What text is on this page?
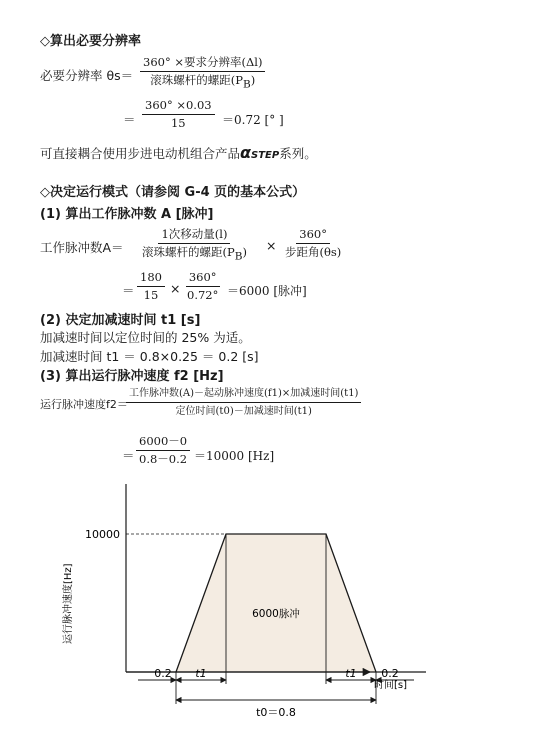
◇算出必要分辨率
必要分辨率 θs＝
360° ×要求分辨率(Δl)
滚珠螺杆的螺距$(P_B)$
＝ $\frac{360^\circ \times 0.03}{15} =0.72$ [° ]
可直接耦合使用步进电动机组合产品αSTEP系列。
◇决定运行模式（请参阅 G-4 页的基本公式）
(1) 算出工作脉冲数 A [脉冲]
工作脉冲数A＝
1次移动量(l)
滚珠螺杆的螺距$(P_B)$ ×
360°
步距角(θs)
＝ $\frac{180}{15} \times \frac{360^\circ}{0.72^\circ} =6000$ [脉冲]
(2) 决定加减速时间 t1 [s]
加减速时间以定位时间的 25% 为适。
加减速时间 t1 ＝ 0.8×0.25 ＝ 0.2 [s]
(3) 算出运行脉冲速度 f2 [Hz]
运行脉冲速度f2＝
工作脉冲数(A)－起动脉冲速度(f1)×加减速时间(t1)
定位时间(t0)－加减速时间(t1)
＝ $\frac{6000-0}{0.8-0.2} =10000$ [Hz]
10000
运行脉冲速度[Hz]
时间[s]
6000脉冲
0.2 t1	t1 0.2
t0＝0.8
